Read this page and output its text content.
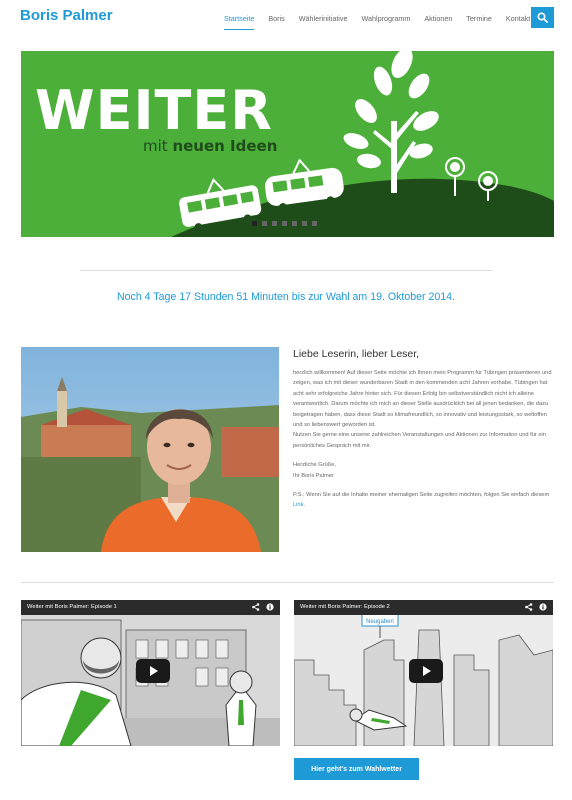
Boris Palmer	Startseite Boris Wählerinitiative Wahlprogramm Aktionen Termine Kontakt
WEITER
mit neuen Ideen
Noch 4 Tage 17 Stunden 51 Minuten bis zur Wahl am 19. Oktober 2014.
Liebe Leserin, lieber Leser,

herzlich willkommen! Auf dieser Seite möchte ich Ihnen mein Programm für Tübingen präsentieren und zeigen, was ich mit dieser wunderbaren Stadt in den kommenden acht Jahren vorhabe. Tübingen hat acht sehr erfolgreiche Jahre hinter sich. Für diesen Erfolg bin selbstverständlich nicht ich alleine verantwortlich. Darum möchte ich mich an dieser Stelle ausdrücklich bei all jenen bedanken, die dazu beigetragen haben, dass diese Stadt so klimafreundlich, so innovativ und leistungsstark, so weltoffen und so liebenswert geworden ist.

Nutzen Sie gerne eine unserer zahlreichen Veranstaltungen und Aktionen zur Information und für ein persönliches Gespräch mit mir.

Herzliche Grüße,

Ihr Boris Palmer

P.S.: Wenn Sie auf die Inhalte meiner ehemaligen Seite zugreifen möchten, folgen Sie einfach diesem Link.

Weiter mit Boris Palmer: Episode 1
Neugaben
Weiter mit Boris Palmer: Episode 2
Hier geht's zum Wahlwetter
